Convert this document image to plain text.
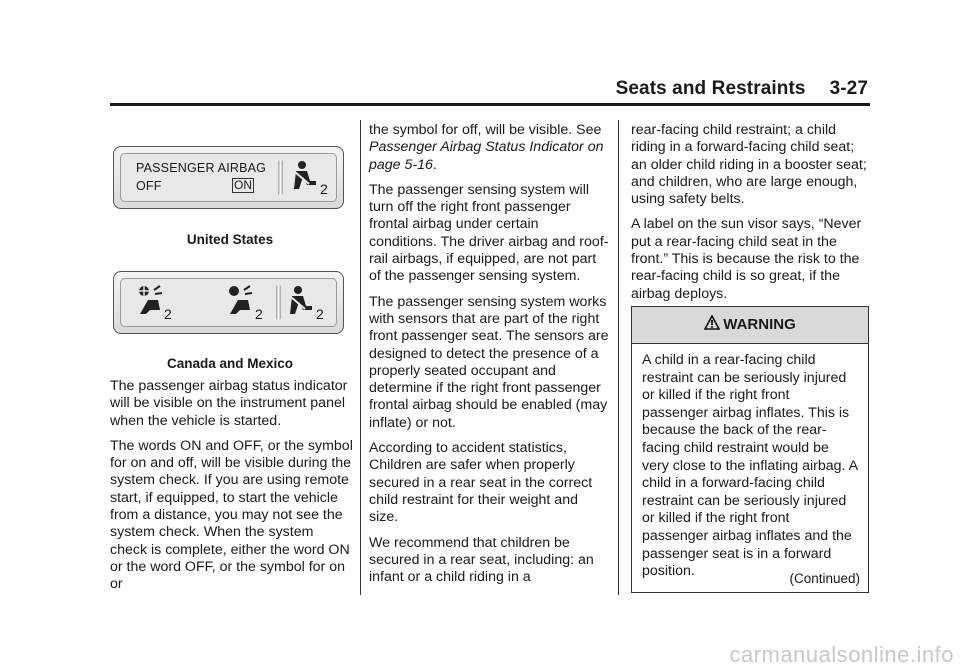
Seats and Restraints 3-27
PASSENGER AIRBAG
OFF	ON	2
United States
2	2	2
Canada and Mexico

The passenger airbag status indicator will be visible on the instrument panel when the vehicle is started.

The words ON and OFF, or the symbol for on and off, will be visible during the system check. If you are using remote start, if equipped, to start the vehicle from a distance, you may not see the system check. When the system check is complete, either the word ON or the word OFF, or the symbol for on or

the symbol for off, will be visible. See Passenger Airbag Status Indicator on page 5-16.

The passenger sensing system will turn off the right front passenger frontal airbag under certain conditions. The driver airbag and roof-rail airbags, if equipped, are not part of the passenger sensing system.

The passenger sensing system works with sensors that are part of the right front passenger seat. The sensors are designed to detect the presence of a properly seated occupant and determine if the right front passenger frontal airbag should be enabled (may inflate) or not.

According to accident statistics, Children are safer when properly secured in a rear seat in the correct child restraint for their weight and size.

We recommend that children be secured in a rear seat, including: an infant or a child riding in a

rear-facing child restraint; a child riding in a forward-facing child seat; an older child riding in a booster seat; and children, who are large enough, using safety belts.

A label on the sun visor says, “Never put a rear-facing child seat in the front.” This is because the risk to the rear-facing child is so great, if the airbag deploys.

WARNING
A child in a rear-facing child restraint can be seriously injured or killed if the right front passenger airbag inflates. This is because the back of the rear-facing child restraint would be very close to the inflating airbag. A child in a forward-facing child restraint can be seriously injured or killed if the right front passenger airbag inflates and the passenger seat is in a forward position.	(Continued)
carmanualsonline.info
